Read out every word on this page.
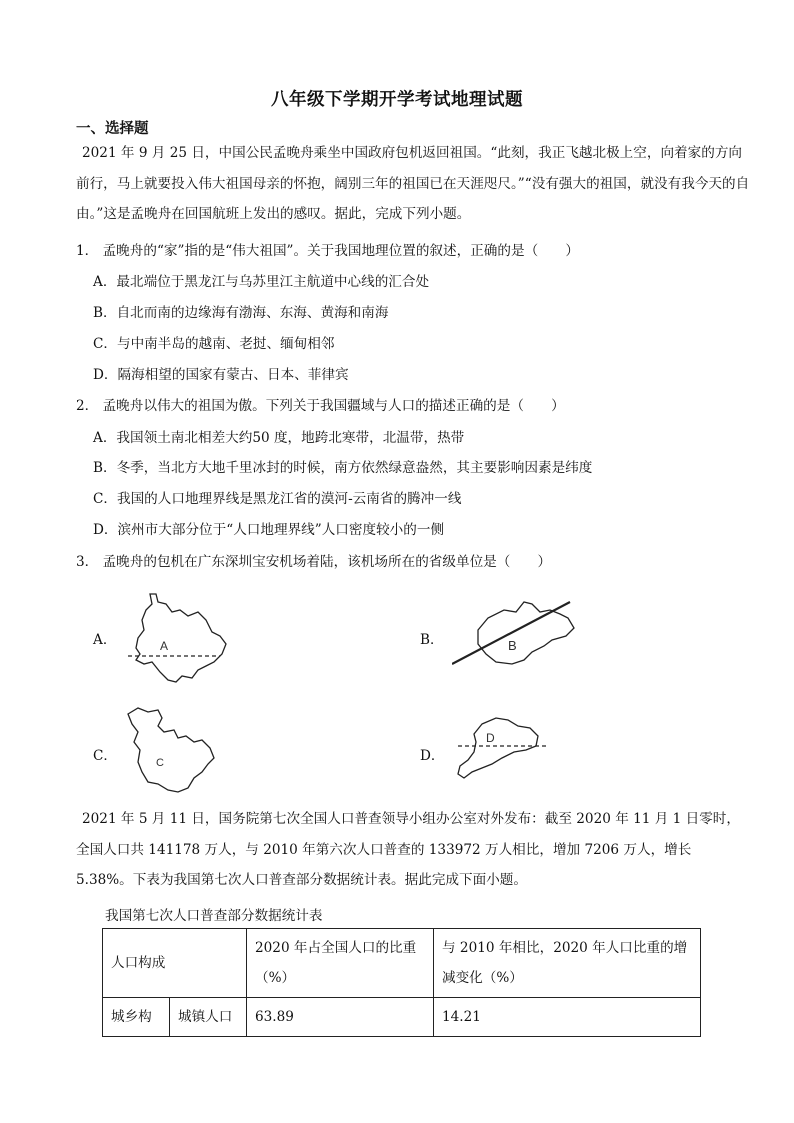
八年级下学期开学考试地理试题
一、选择题

2021 年 9 月 25 日，中国公民孟晚舟乘坐中国政府包机返回祖国。“此刻，我正飞越北极上空，向着家的方向前行，马上就要投入伟大祖国母亲的怀抱，阔别三年的祖国已在天涯咫尺。”“没有强大的祖国，就没有我今天的自由。”这是孟晚舟在回国航班上发出的感叹。据此，完成下列小题。

1． 孟晚舟的“家”指的是“伟大祖国”。关于我国地理位置的叙述，正确的是（　　）
A．最北端位于黑龙江与乌苏里江主航道中心线的汇合处
B．自北而南的边缘海有渤海、东海、黄海和南海
C．与中南半岛的越南、老挝、缅甸相邻
D．隔海相望的国家有蒙古、日本、菲律宾
2． 孟晚舟以伟大的祖国为傲。下列关于我国疆域与人口的描述正确的是（　　）
A．我国领土南北相差大约50 度，地跨北寒带，北温带，热带
B．冬季，当北方大地千里冰封的时候，南方依然绿意盎然，其主要影响因素是纬度
C．我国的人口地理界线是黑龙江省的漠河-云南省的腾冲一线
D．滨州市大部分位于“人口地理界线”人口密度较小的一侧
3． 孟晚舟的包机在广东深圳宝安机场着陆，该机场所在的省级单位是（　　）
A．	A	B．	B
C．	C	D．
D

2021 年 5 月 11 日，国务院第七次全国人口普查领导小组办公室对外发布：截至 2020 年 11 月 1 日零时，全国人口共 141178 万人，与 2010 年第六次人口普查的 133972 万人相比，增加 7206 万人，增长 5.38%。下表为我国第七次人口普查部分数据统计表。据此完成下面小题。

我国第七次人口普查部分数据统计表
人口构成		2020 年占全国人口的比重（%）	与 2010 年相比，2020 年人口比重的增减变化（%）
城乡构	城镇人口	63.89	14.21
